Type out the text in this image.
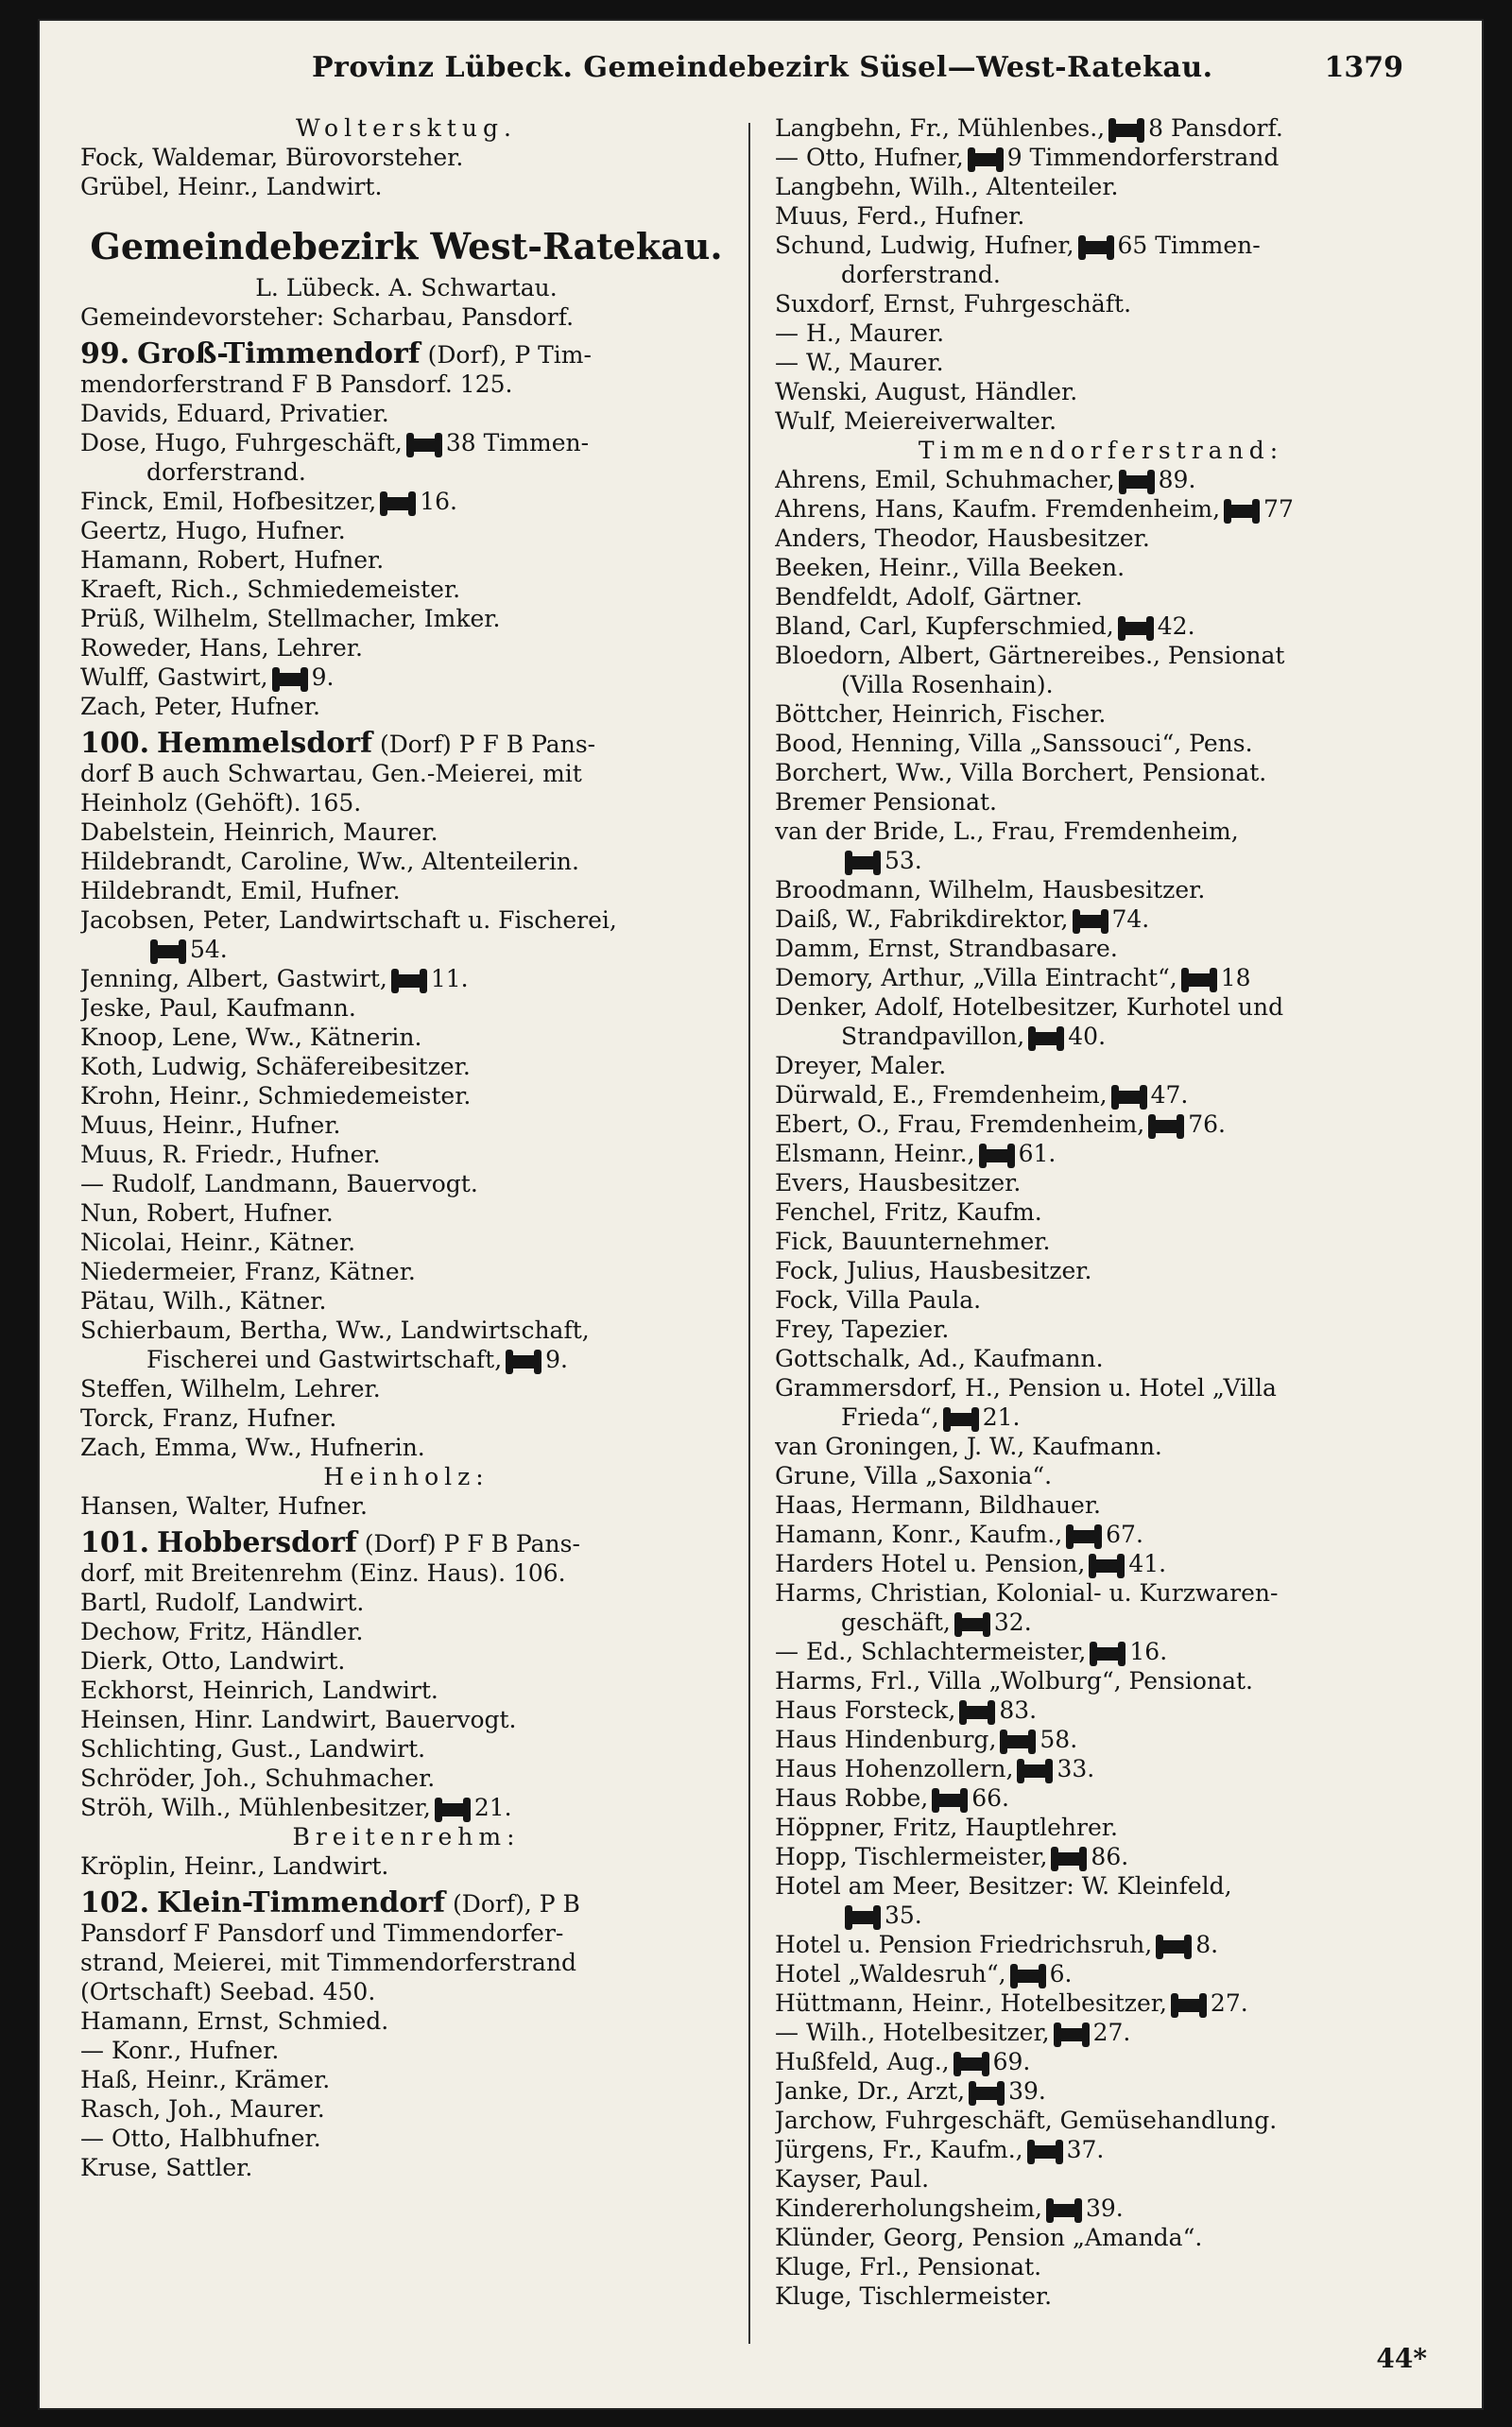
Provinz Lübeck. Gemeindebezirk Süsel—West-Ratekau.	1379
Woltersktug.
Fock, Waldemar, Bürovorsteher.
Grübel, Heinr., Landwirt.
Gemeindebezirk West-Ratekau.
L. Lübeck. A. Schwartau.
Gemeindevorsteher: Scharbau, Pansdorf.
99. Groß-Timmendorf (Dorf), P Tim-
mendorferstrand F B Pansdorf. 125.
Davids, Eduard, Privatier.
Dose, Hugo, Fuhrgeschäft, 38 Timmen-
dorferstrand.
Finck, Emil, Hofbesitzer, 16.
Geertz, Hugo, Hufner.
Hamann, Robert, Hufner.
Kraeft, Rich., Schmiedemeister.
Prüß, Wilhelm, Stellmacher, Imker.
Roweder, Hans, Lehrer.
Wulff, Gastwirt, 9.
Zach, Peter, Hufner.
100. Hemmelsdorf (Dorf) P F B Pans-
dorf B auch Schwartau, Gen.-Meierei, mit
Heinholz (Gehöft). 165.
Dabelstein, Heinrich, Maurer.
Hildebrandt, Caroline, Ww., Altenteilerin.
Hildebrandt, Emil, Hufner.
Jacobsen, Peter, Landwirtschaft u. Fischerei,
54.
Jenning, Albert, Gastwirt, 11.
Jeske, Paul, Kaufmann.
Knoop, Lene, Ww., Kätnerin.
Koth, Ludwig, Schäfereibesitzer.
Krohn, Heinr., Schmiedemeister.
Muus, Heinr., Hufner.
Muus, R. Friedr., Hufner.
— Rudolf, Landmann, Bauervogt.
Nun, Robert, Hufner.
Nicolai, Heinr., Kätner.
Niedermeier, Franz, Kätner.
Pätau, Wilh., Kätner.
Schierbaum, Bertha, Ww., Landwirtschaft,
Fischerei und Gastwirtschaft, 9.
Steffen, Wilhelm, Lehrer.
Torck, Franz, Hufner.
Zach, Emma, Ww., Hufnerin.
Heinholz:
Hansen, Walter, Hufner.
101. Hobbersdorf (Dorf) P F B Pans-
dorf, mit Breitenrehm (Einz. Haus). 106.
Bartl, Rudolf, Landwirt.
Dechow, Fritz, Händler.
Dierk, Otto, Landwirt.
Eckhorst, Heinrich, Landwirt.
Heinsen, Hinr. Landwirt, Bauervogt.
Schlichting, Gust., Landwirt.
Schröder, Joh., Schuhmacher.
Ströh, Wilh., Mühlenbesitzer, 21.
Breitenrehm:
Kröplin, Heinr., Landwirt.
102. Klein-Timmendorf (Dorf), P B
Pansdorf F Pansdorf und Timmendorfer-
strand, Meierei, mit Timmendorferstrand
(Ortschaft) Seebad. 450.
Hamann, Ernst, Schmied.
— Konr., Hufner.
Haß, Heinr., Krämer.
Rasch, Joh., Maurer.
— Otto, Halbhufner.
Kruse, Sattler.
Langbehn, Fr., Mühlenbes., 8 Pansdorf.
— Otto, Hufner, 9 Timmendorferstrand
Langbehn, Wilh., Altenteiler.
Muus, Ferd., Hufner.
Schund, Ludwig, Hufner, 65 Timmen-
dorferstrand.
Suxdorf, Ernst, Fuhrgeschäft.
— H., Maurer.
— W., Maurer.
Wenski, August, Händler.
Wulf, Meiereiverwalter.
Timmendorferstrand:
Ahrens, Emil, Schuhmacher, 89.
Ahrens, Hans, Kaufm. Fremdenheim, 77
Anders, Theodor, Hausbesitzer.
Beeken, Heinr., Villa Beeken.
Bendfeldt, Adolf, Gärtner.
Bland, Carl, Kupferschmied, 42.
Bloedorn, Albert, Gärtnereibes., Pensionat
(Villa Rosenhain).
Böttcher, Heinrich, Fischer.
Bood, Henning, Villa „Sanssouci“, Pens.
Borchert, Ww., Villa Borchert, Pensionat.
Bremer Pensionat.
van der Bride, L., Frau, Fremdenheim,
53.
Broodmann, Wilhelm, Hausbesitzer.
Daiß, W., Fabrikdirektor, 74.
Damm, Ernst, Strandbasare.
Demory, Arthur, „Villa Eintracht“, 18
Denker, Adolf, Hotelbesitzer, Kurhotel und
Strandpavillon, 40.
Dreyer, Maler.
Dürwald, E., Fremdenheim, 47.
Ebert, O., Frau, Fremdenheim, 76.
Elsmann, Heinr., 61.
Evers, Hausbesitzer.
Fenchel, Fritz, Kaufm.
Fick, Bauunternehmer.
Fock, Julius, Hausbesitzer.
Fock, Villa Paula.
Frey, Tapezier.
Gottschalk, Ad., Kaufmann.
Grammersdorf, H., Pension u. Hotel „Villa
Frieda“, 21.
van Groningen, J. W., Kaufmann.
Grune, Villa „Saxonia“.
Haas, Hermann, Bildhauer.
Hamann, Konr., Kaufm., 67.
Harders Hotel u. Pension, 41.
Harms, Christian, Kolonial- u. Kurzwaren-
geschäft, 32.
— Ed., Schlachtermeister, 16.
Harms, Frl., Villa „Wolburg“, Pensionat.
Haus Forsteck, 83.
Haus Hindenburg, 58.
Haus Hohenzollern, 33.
Haus Robbe, 66.
Höppner, Fritz, Hauptlehrer.
Hopp, Tischlermeister, 86.
Hotel am Meer, Besitzer: W. Kleinfeld,
35.
Hotel u. Pension Friedrichsruh, 8.
Hotel „Waldesruh“, 6.
Hüttmann, Heinr., Hotelbesitzer, 27.
— Wilh., Hotelbesitzer, 27.
Hußfeld, Aug., 69.
Janke, Dr., Arzt, 39.
Jarchow, Fuhrgeschäft, Gemüsehandlung.
Jürgens, Fr., Kaufm., 37.
Kayser, Paul.
Kindererholungsheim, 39.
Klünder, Georg, Pension „Amanda“.
Kluge, Frl., Pensionat.
Kluge, Tischlermeister.
44*
